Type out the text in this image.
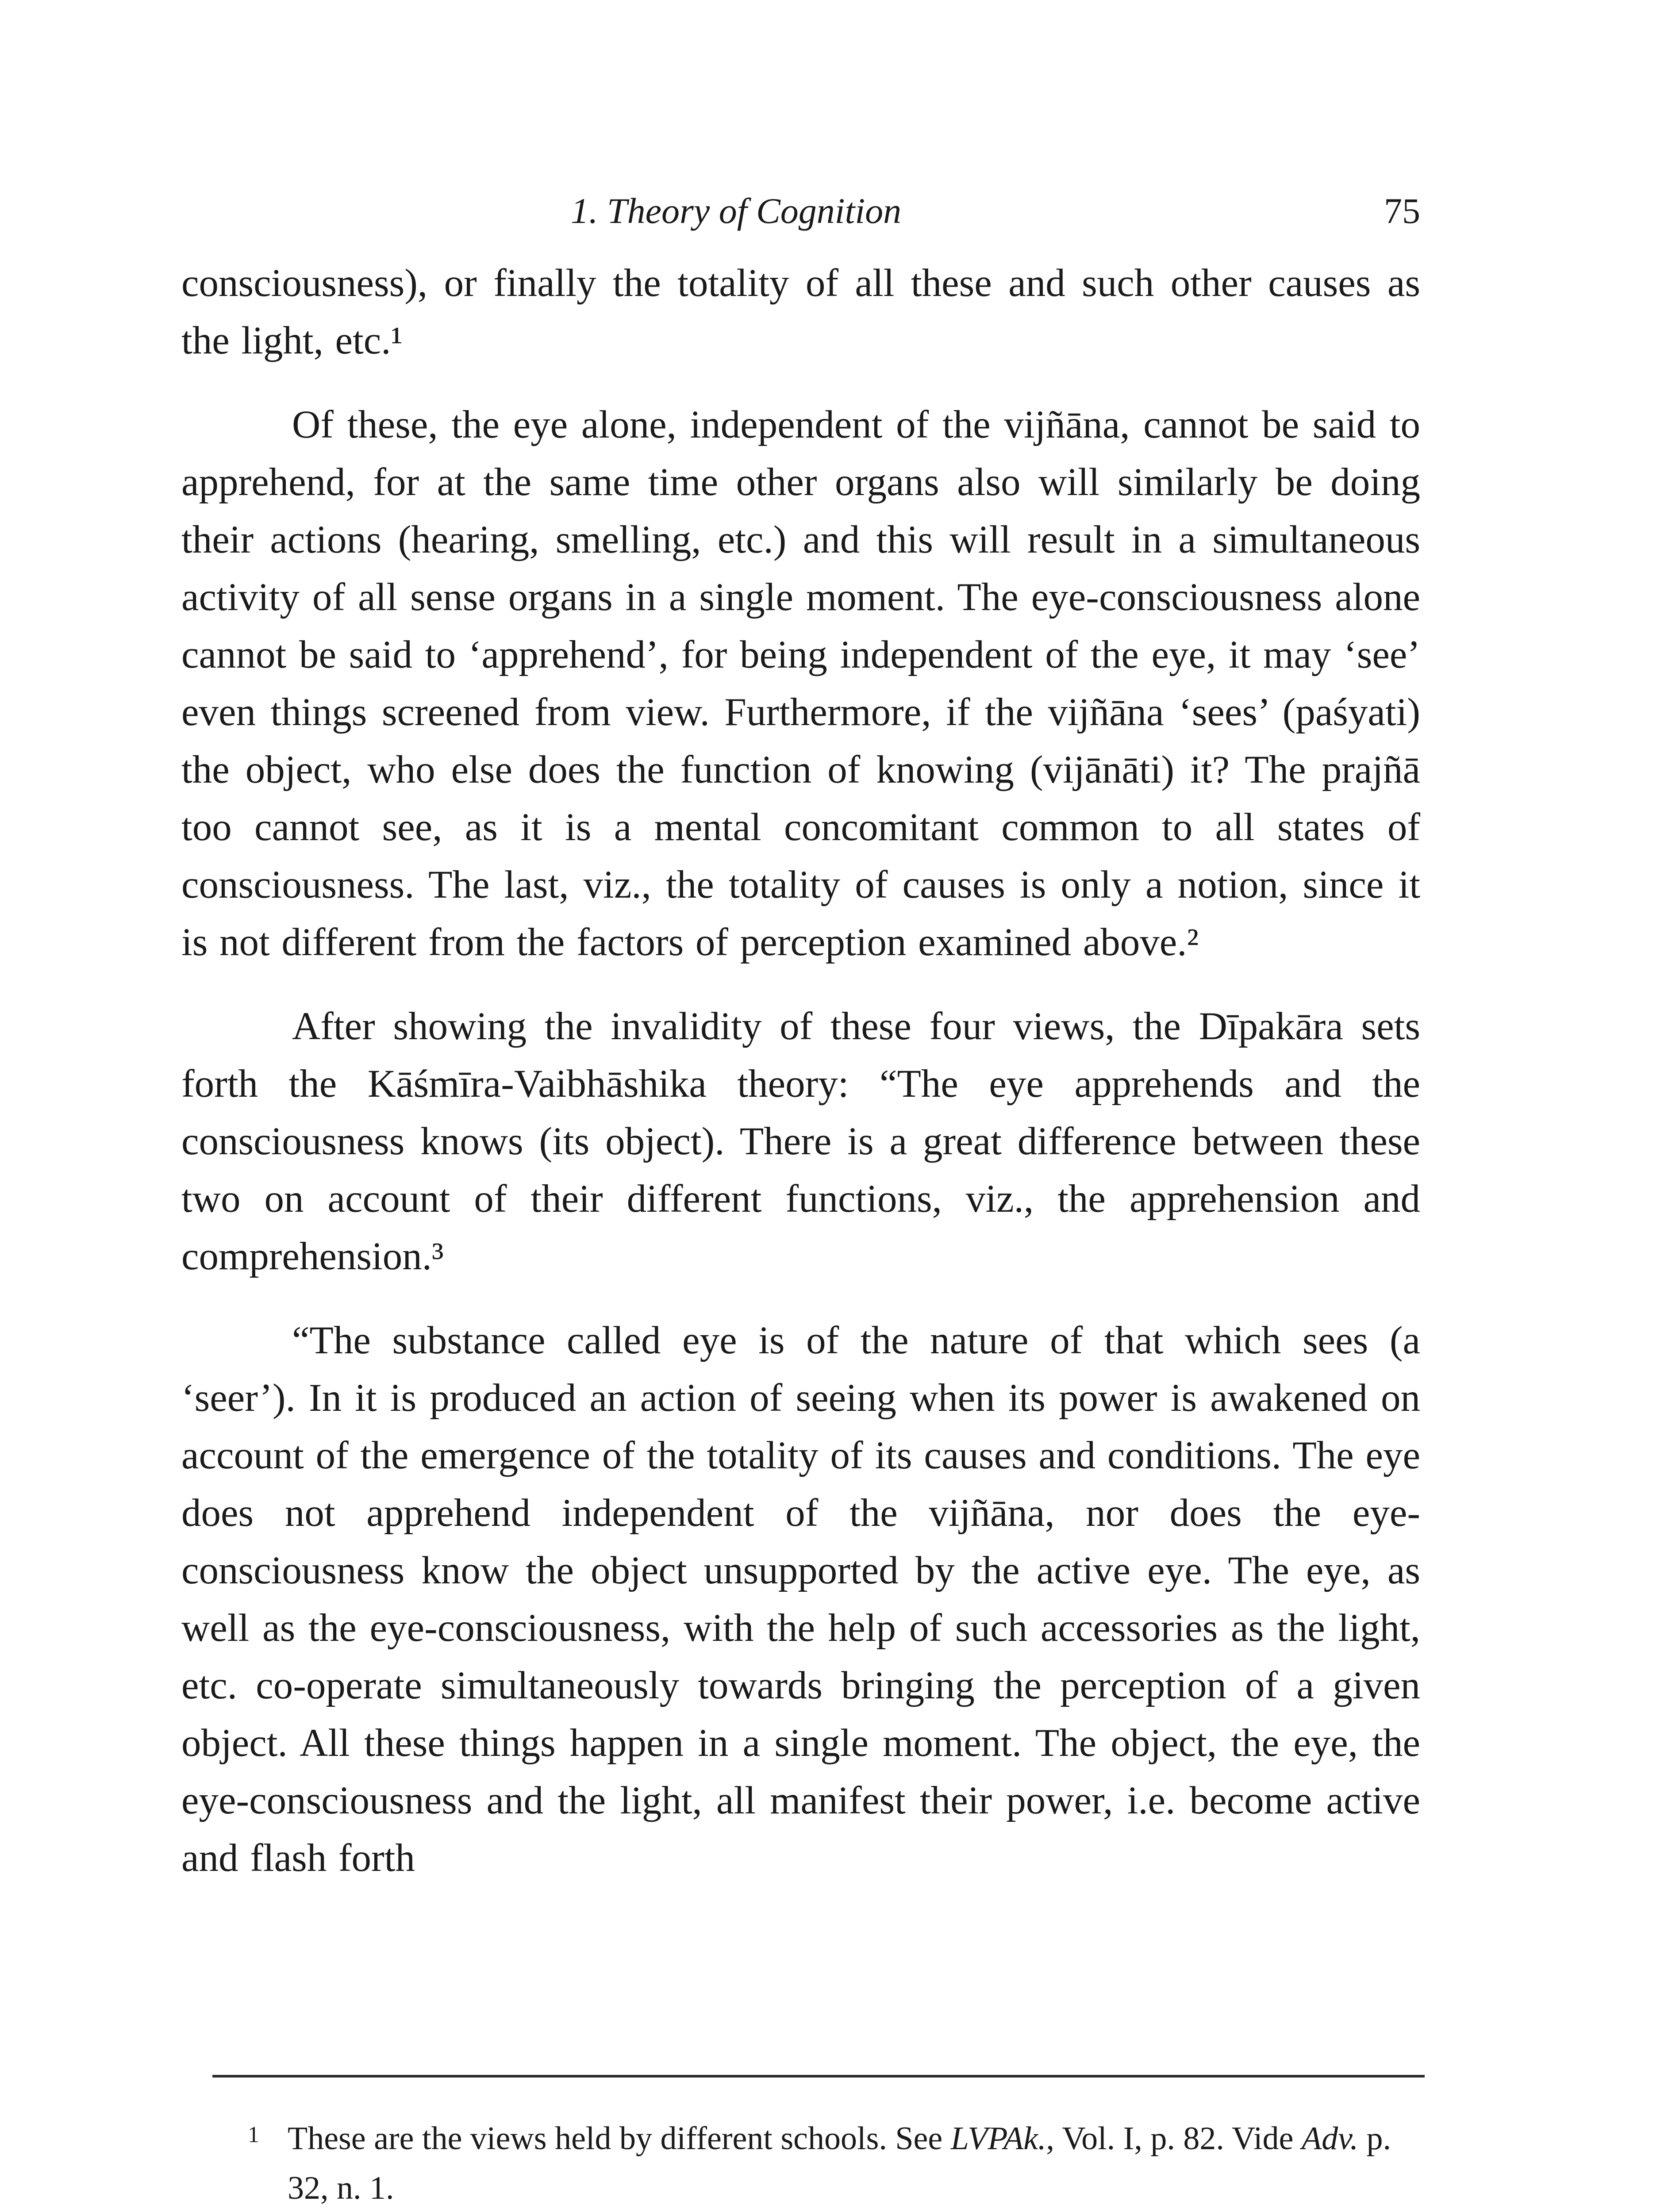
1. Theory of Cognition	75

consciousness), or finally the totality of all these and such other causes as the light, etc.¹

Of these, the eye alone, independent of the vijñāna, cannot be said to apprehend, for at the same time other organs also will similarly be doing their actions (hearing, smelling, etc.) and this will result in a simultaneous activity of all sense organs in a single moment. The eye-consciousness alone cannot be said to ‘apprehend’, for being independent of the eye, it may ‘see’ even things screened from view. Furthermore, if the vijñāna ‘sees’ (paśyati) the object, who else does the function of knowing (vijānāti) it? The prajñā too cannot see, as it is a mental concomitant common to all states of consciousness. The last, viz., the totality of causes is only a notion, since it is not different from the factors of perception examined above.²

After showing the invalidity of these four views, the Dīpakāra sets forth the Kāśmīra-Vaibhāshika theory: “The eye apprehends and the consciousness knows (its object). There is a great difference between these two on account of their different functions, viz., the apprehension and comprehension.³

“The substance called eye is of the nature of that which sees (a ‘seer’). In it is produced an action of seeing when its power is awakened on account of the emergence of the totality of its causes and conditions. The eye does not apprehend independent of the vijñāna, nor does the eye-consciousness know the object unsupported by the active eye. The eye, as well as the eye-consciousness, with the help of such accessories as the light, etc. co-operate simultaneously towards bringing the perception of a given object. All these things happen in a single moment. The object, the eye, the eye-consciousness and the light, all manifest their power, i.e. become active and flash forth

1 These are the views held by different schools. See LVPAk., Vol. I, p. 82. Vide Adv. p. 32, n. 1.
